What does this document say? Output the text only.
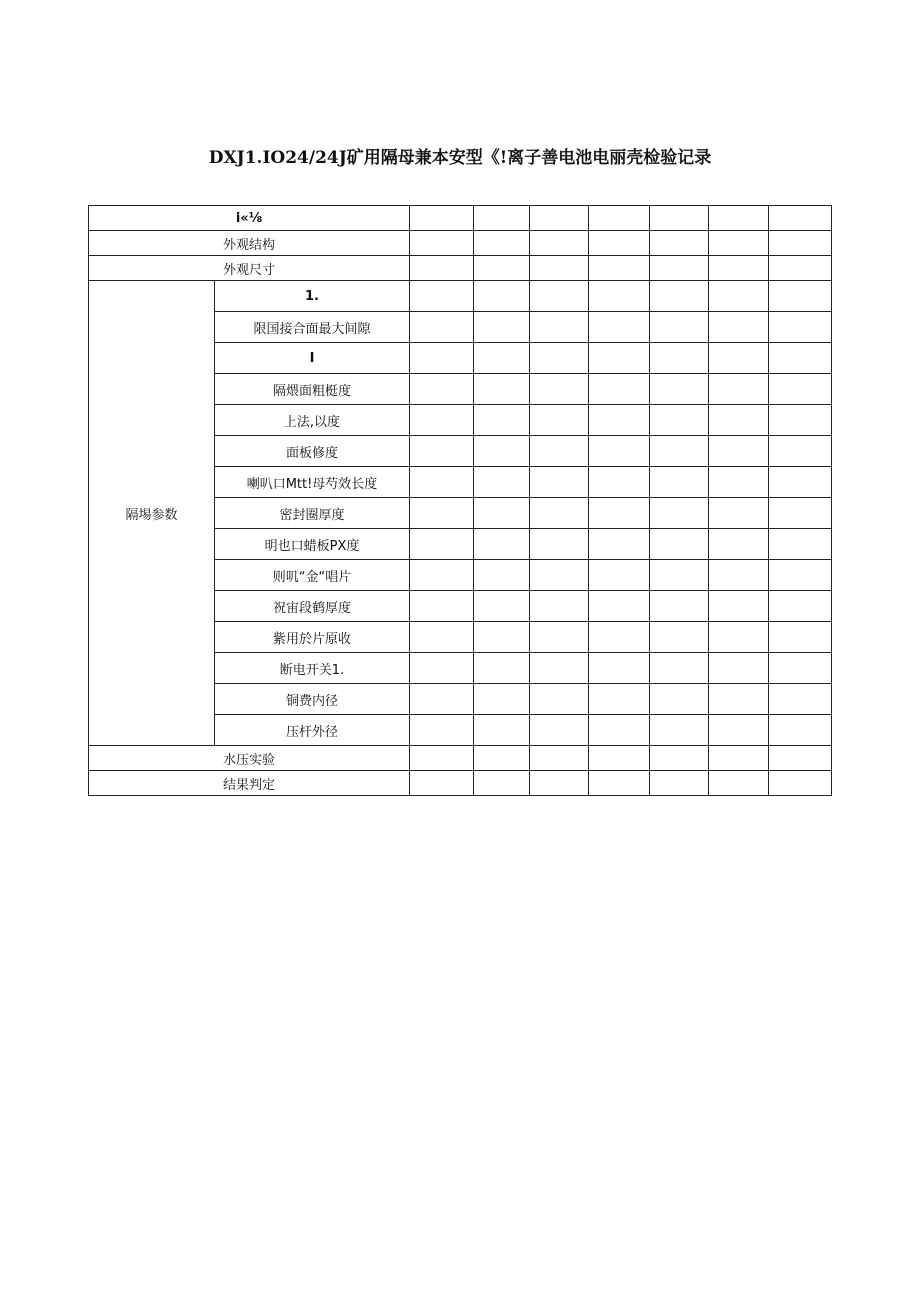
DXJ1.IO24/24J矿用隔母兼本安型《!离子善电池电丽壳检验记录
i«⅛								
外观结构								
外观尺寸								
隔埸参数	1.							
	限国接合面最大间隙							
	I							
	隔煨面粗梃度							
	上法,以度							
	面板修度							
	喇叭口Mtt!母芍效长度							
	密封圈厚度							
	明也口蜡板PX度							
	则叽“金“唱片							
	祝宙段鹤厚度							
	紫用於片原收							
	断电开关1.							
	铜费内径							
	压杆外径							
水压实验								
结果判定								
